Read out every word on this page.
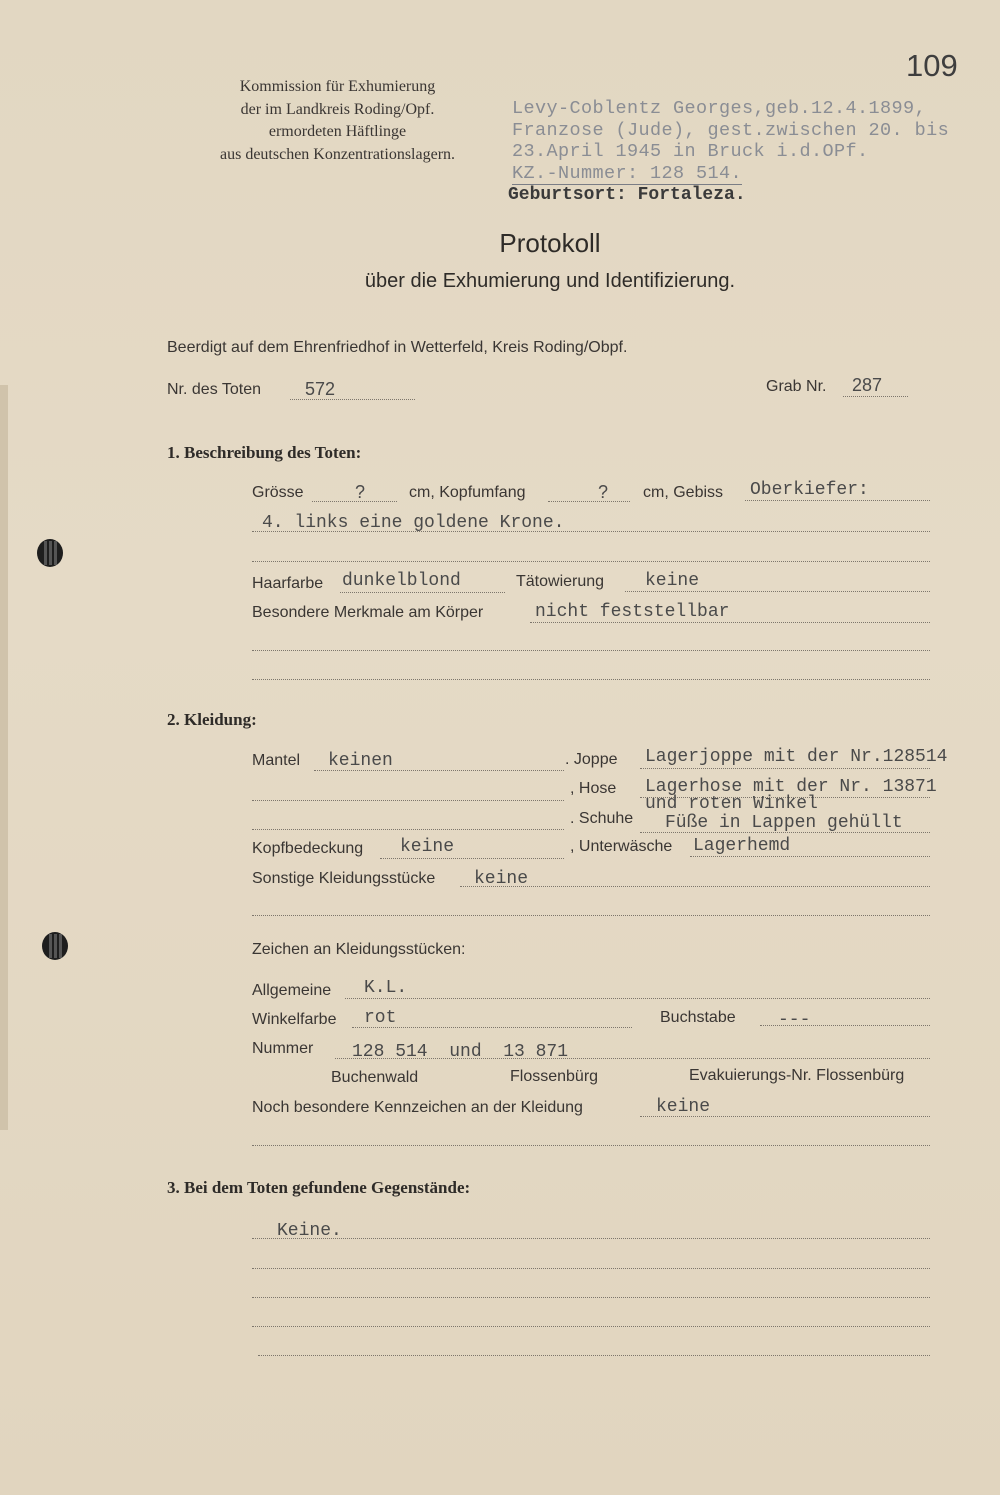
109
Kommission für Exhumierung
der im Landkreis Roding/Opf.
ermordeten Häftlinge
aus deutschen Konzentrationslagern.
Levy-Coblentz Georges,geb.12.4.1899,
Franzose (Jude), gest.zwischen 20. bis
23.April 1945 in Bruck i.d.OPf.
KZ.-Nummer: 128 514.
Geburtsort: Fortaleza.
Protokoll
über die Exhumierung und Identifizierung.
Beerdigt auf dem Ehrenfriedhof in Wetterfeld, Kreis Roding/Obpf.
Nr. des Toten 572	Grab Nr. 287
1. Beschreibung des Toten:
Grösse	?	cm, Kopfumfang	? cm, Gebiss Oberkiefer:
4. links eine goldene Krone.
Haarfarbe dunkelblond	Tätowierung keine
Besondere Merkmale am Körper	nicht feststellbar
2. Kleidung:
Mantel keinen	. Joppe Lagerjoppe mit der Nr.128514
, Hose Lagerhose mit der Nr. 13871
und roten Winkel
. Schuhe Füße in Lappen gehüllt
Kopfbedeckung keine	, Unterwäsche Lagerhemd
Sonstige Kleidungsstücke keine
Zeichen an Kleidungsstücken:
Allgemeine K.L.
Winkelfarbe rot	Buchstabe ---
Nummer 128 514  und  13 871
Buchenwald	Flossenbürg	Evakuierungs-Nr. Flossenbürg
Noch besondere Kennzeichen an der Kleidung	keine
3. Bei dem Toten gefundene Gegenstände:
Keine.
